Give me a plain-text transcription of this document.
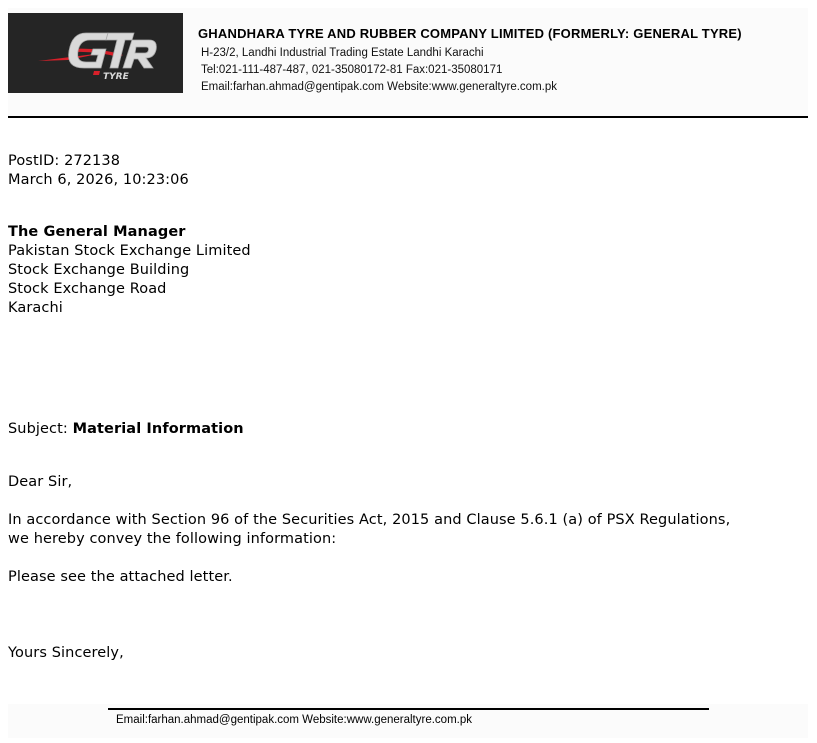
TYRE
GHANDHARA TYRE AND RUBBER COMPANY LIMITED (FORMERLY: GENERAL TYRE)
H-23/2, Landhi Industrial Trading Estate Landhi Karachi
Tel:021-111-487-487, 021-35080172-81 Fax:021-35080171
Email:farhan.ahmad@gentipak.com Website:www.generaltyre.com.pk
PostID: 272138
March 6, 2026, 10:23:06
The General Manager
Pakistan Stock Exchange Limited
Stock Exchange Building
Stock Exchange Road
Karachi
Subject: Material Information
Dear Sir,
In accordance with Section 96 of the Securities Act, 2015 and Clause 5.6.1 (a) of PSX Regulations,
we hereby convey the following information:
Please see the attached letter.
Yours Sincerely,
Email:farhan.ahmad@gentipak.com Website:www.generaltyre.com.pk
